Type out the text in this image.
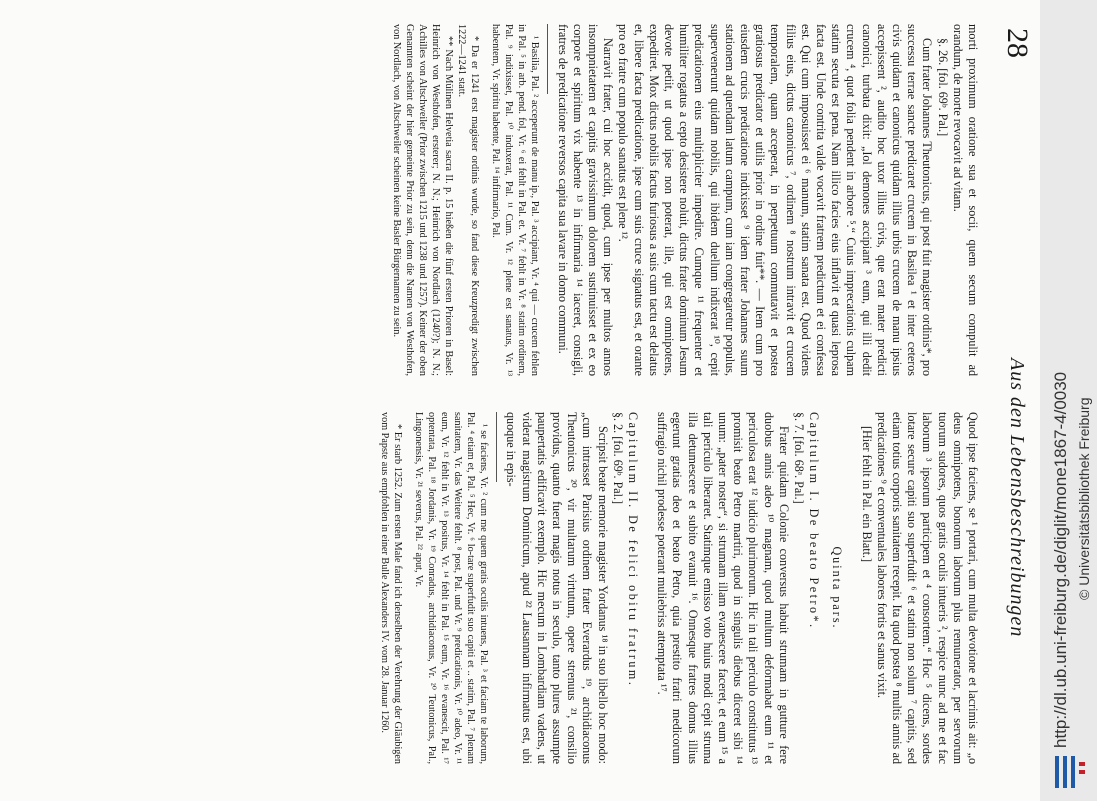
28
Aus den Lebensbeschreibungen

morti proximum oratione sua et socii, quem secum compulit ad orandum, de morte revocavit ad vitam.

§. 26. [fol. 69ᵇ. Pal.]

Cum frater Johannes Theutonicus, qui post fuit magister ordinis*, pro successu terrae sancte predicaret crucem in Basilea ¹ et inter ceteros civis quidam et canonicus quidam illius urbis crucem de manu ipsius accepissent ², audito hoc uxor illius civis, que erat mater predicti canonici, turbata dixit: „Iol demones accipiant ³ eum, qui illi dedit crucem ⁴, quot folia pendent in arbore ⁵.“ Cuius imprecationis culpam statim secuta est pena. Nam illico facies eius inflavit et quasi leprosa facta est. Unde contrita valde vocavit fratrem predictum et ei confessa est. Qui cum imposuisset ei ⁶ manum, statim sanata est. Quod videns filius eius, dictus canonicus ⁷, ordinem ⁸ nostrum intravit et crucem temporalem, quam acceperat, in perpetuum commutavit et postea gratiosus predicator et utilis prior in ordine fuit**. — Item cum pro eiusdem crucis predicatione indixisset ⁹ idem frater Johannes suum stationem ad quendam latum campum, cum iam congregaretur populus, supervenerunt quidam nobilis, qui ibidem duellum indixerat ¹⁰, cepit predicationem eius multipliciter impedire. Cumque ¹¹ frequenter et humiliter rogatus a cepto desistere noluit, dictus frater dominum Jesum devote petiit, ut quod ipse non poterat, ille, qui est omnipotens, expediret. Mox dictus nobilis factus furiosus a suis cum tactu est delatus et, libere facta predicatione, ipse cum suis cruce signatus est, et orante pro eo fratre cum populo sanatus est plene ¹².

Narravit frater, cui hoc accidit, quod, cum ipse per multos annos insompnietatem et capitis gravissimum dolorem sustinuisset et ex eo corpore et spiritum vix habente ¹³ in infirmaria ¹⁴ iaceret, consigli, fratres de predicatione reversos capita sua lavare in domo communi.

¹ Basilia, Pal. ² acceperunt de manu ip., Pal. ³ accipiant, Vr. ⁴ qui — crucem fehlen in Pal. ⁵ in arb. pend. fol, Vr. ⁶ ei fehlt in Pal. et. Vr. ⁷ fehlt in Vr. ⁸ statim ordinem, Pal. ⁹ indixisset, Pal. ¹⁰ induxerat, Pal. ¹¹ Cum. Vr. ¹² plene est sanatus, Vr. ¹³ habentem, Vr. spiritu habente, Pal. ¹⁴ infirmario, Pal.

* Da er 1241 erst magister ordinis wurde, so fand diese Kreuzpredigt zwischen 1222—1241 statt.

** Nach Mülinen Helvetia sacra II. p. 15 hießen die fünf ersten Prioren in Basel: Heinrich von Westhofen, ersterer; N. N.; Heinrich von Nordlach (1240?); N. N.; Achilles von Altschweiler (Prior zwischen 1215 und 1238 und 1257). Keiner der oben Genannten scheint der hier gemeinte Prior zu sein, denn die Namen von Westhofen, von Nordlach, von Altschweiler scheinen keine Basler Bürgernamen zu sein.

Quod ipse faciens, se ¹ portari, cum multa devotione et lacrimis ait: „o deus omnipotens, bonorum laborum plus remunerator, per servorum tuorum sudores, quos gratis oculis intueris ², respice nunc ad me et fac laborum ³ ipsorum participem et ⁴ consortem.“ Hoc ⁵ dicens, sordes lotare secure capiti suo superfudit ⁶ et statim non solum ⁷ capitis, sed etiam totius corporis sanitatem recepit. Ita quod postea ⁸ multis annis ad predicationes ⁹ et conventuales labores fortis et sanus vixit.

[Hier fehlt in Pal. ein Blatt.]

Quinta pars.

Capitulum I. De beato Petro*.

§. 7. [fol. 68ᵃ. Pal.]

Frater quidam Colonie conversus habuit strumam in gutture fere duobus annis adeo ¹⁰ magnam, quod multum deformabat eum ¹¹ et periculosa erat ¹² iudicio plurimorum. Hic in tali periculo constitutus ¹³ promisit beato Petro martiri, quod in singulis diebus diceret sibi ¹⁴ unum: „pater noster“, si strumam illam evanescere faceret, et eum ¹⁵ a tali periculo liberaret. Statimque emisso voto huius modi cepit struma illa detumescere et subito evanuit ¹⁶. Onnesque fratres domus illius egerunt gratias deo et beato Petro, quia prestito fratri medicorum suffragio nichil prodesse poterant muliebriss attemptata ¹⁷.

Capitulum II. De felici obitu fratrum.

§. 2. [fol. 69ᵇ. Pal.]

Scripsit beate memorie magister Yordanus ¹⁸ in suo libello hoc modo: „cum intrasset Parisius ordinem frater Everardus ¹⁹, archidiaconus Theutonicus ²⁰, vir multarum virtutum, opere strenuus ²¹, consilio providus, quanto fuerat magis notus in seculo, tanto plures assumpte paupertatis edificavit exemplo. Hic mecum in Lombardiam vadens, ut viderat magistrum Dominicum, apud ²² Lausannam infirmatus est, ubi quoque in epis-

¹ se faciens, Vr. ² cum me quem gratis oculis intuens, Pal. ³ et faciam te laborum, Pal. ⁴ etiam et, Pal. ⁵ Hec, Vr. ⁶ lo-tare superfudit suo capiti et .. statim, Pal. ⁷ plenam sanitatem, Vr. das Weitere fehlt. ⁸ post, Pal. und Vr. ⁹ predicationis, Vr. ¹⁰ adeo, Vr. ¹¹ eum, Vr. ¹² fehlt in Vr. ¹³ positus, Vr. ¹⁴ fehlt in Pal. ¹⁵ eum, Vr. ¹⁶ evanescit, Pal. ¹⁷ optentata, Pal. ¹⁸ Jordanis, Vr. ¹⁹ Conradus, archidiaconus, Vr. ²⁰ Teutonicus, Pal., Lingonensis, Vr. ²¹ severus, Pal. ²² aput, Vr.

* Er starb 1252. Zum ersten Male fand ich denselben der Verehrung der Gläubigen vom Papste aus empfohlen in einer Bulle Alexanders IV. vom 28. Januar 1260.	http://dl.ub.uni-freiburg.de/diglit/mone1867-4/0030 © Universitätsbibliothek Freiburg
